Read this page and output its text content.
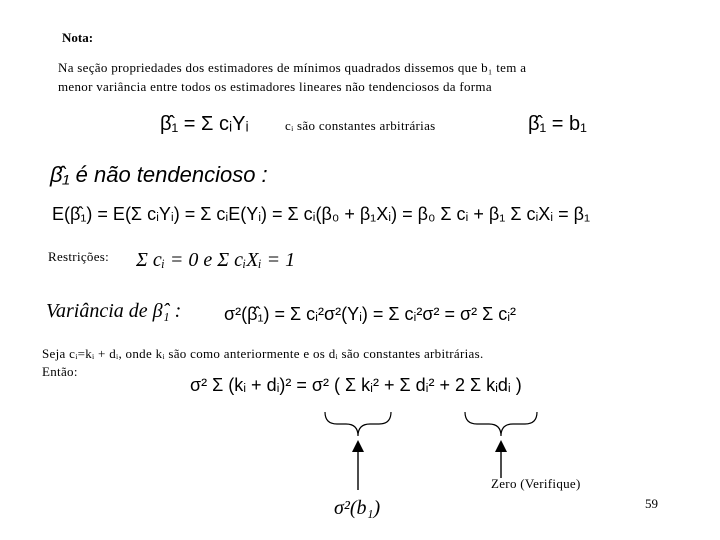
Nota:
Na seção propriedades dos estimadores de mínimos quadrados dissemos que b₁ tem a
menor variância entre todos os estimadores lineares não tendenciosos da forma
β̂₁ = Σ cᵢYᵢ	cᵢ são constantes arbitrárias	β̂₁ = b₁
β̂₁ é não tendencioso :
E(β̂₁) = E(Σ cᵢYᵢ) = Σ cᵢE(Yᵢ) = Σ cᵢ(β₀ + β₁Xᵢ) = β₀ Σ cᵢ + β₁ Σ cᵢXᵢ = β₁
Restrições: Σ cᵢ = 0 e Σ cᵢXᵢ = 1
Variância de β̂₁ : σ²(β̂₁) = Σ cᵢ²σ²(Yᵢ) = Σ cᵢ²σ² = σ² Σ cᵢ²
Seja cᵢ=kᵢ + dᵢ, onde kᵢ são como anteriormente e os dᵢ são constantes arbitrárias.
Então:
σ² Σ (kᵢ + dᵢ)² = σ² ( Σ kᵢ² + Σ dᵢ² + 2 Σ kᵢdᵢ )
Zero (Verifique)
σ²(b₁)	59
